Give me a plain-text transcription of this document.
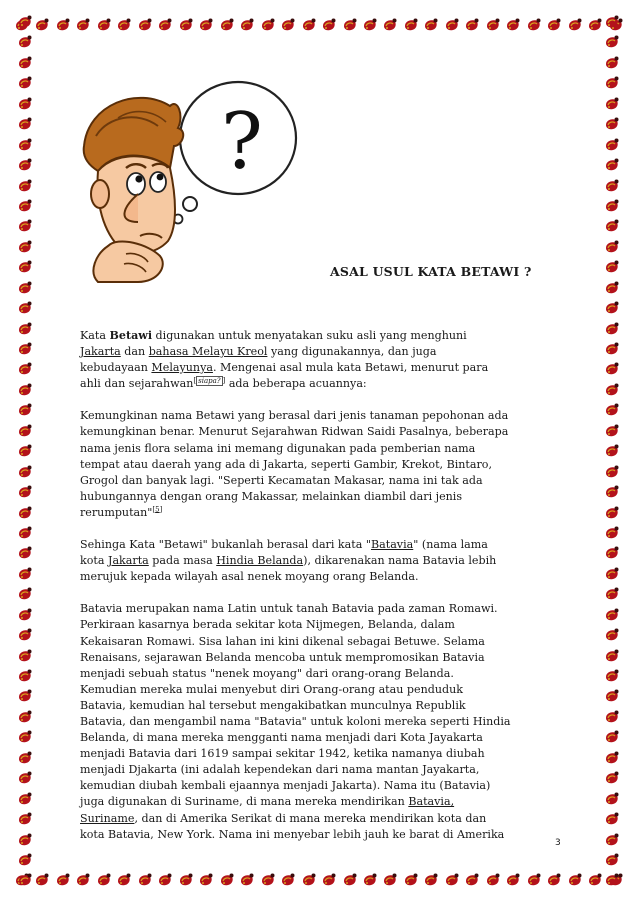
?
ASAL USUL KATA BETAWI ?

Kata Betawi digunakan untuk menyatakan suku asli yang menghuni
Jakarta dan bahasa Melayu Kreol yang digunakannya, dan juga
kebudayaan Melayunya. Mengenai asal mula kata Betawi, menurut para
ahli dan sejarahwan[ siapa? ] ada beberapa acuannya:

Kemungkinan nama Betawi yang berasal dari jenis tanaman pepohonan ada
kemungkinan benar. Menurut Sejarahwan Ridwan Saidi Pasalnya, beberapa
nama jenis flora selama ini memang digunakan pada pemberian nama
tempat atau daerah yang ada di Jakarta, seperti Gambir, Krekot, Bintaro,
Grogol dan banyak lagi. "Seperti Kecamatan Makasar, nama ini tak ada
hubungannya dengan orang Makassar, melainkan diambil dari jenis
rerumputan"[5]

Sehinga Kata "Betawi" bukanlah berasal dari kata "Batavia" (nama lama
kota Jakarta pada masa Hindia Belanda), dikarenakan nama Batavia lebih
merujuk kepada wilayah asal nenek moyang orang Belanda.

Batavia merupakan nama Latin untuk tanah Batavia pada zaman Romawi.
Perkiraan kasarnya berada sekitar kota Nijmegen, Belanda, dalam
Kekaisaran Romawi. Sisa lahan ini kini dikenal sebagai Betuwe. Selama
Renaisans, sejarawan Belanda mencoba untuk mempromosikan Batavia
menjadi sebuah status "nenek moyang" dari orang-orang Belanda.
Kemudian mereka mulai menyebut diri Orang-orang atau penduduk
Batavia, kemudian hal tersebut mengakibatkan munculnya Republik
Batavia, dan mengambil nama "Batavia" untuk koloni mereka seperti Hindia
Belanda, di mana mereka mengganti nama menjadi dari Kota Jayakarta
menjadi Batavia dari 1619 sampai sekitar 1942, ketika namanya diubah
menjadi Djakarta (ini adalah kependekan dari nama mantan Jayakarta,
kemudian diubah kembali ejaannya menjadi Jakarta). Nama itu (Batavia)
juga digunakan di Suriname, di mana mereka mendirikan Batavia,
Suriname, dan di Amerika Serikat di mana mereka mendirikan kota dan
kota Batavia, New York. Nama ini menyebar lebih jauh ke barat di Amerika

3
